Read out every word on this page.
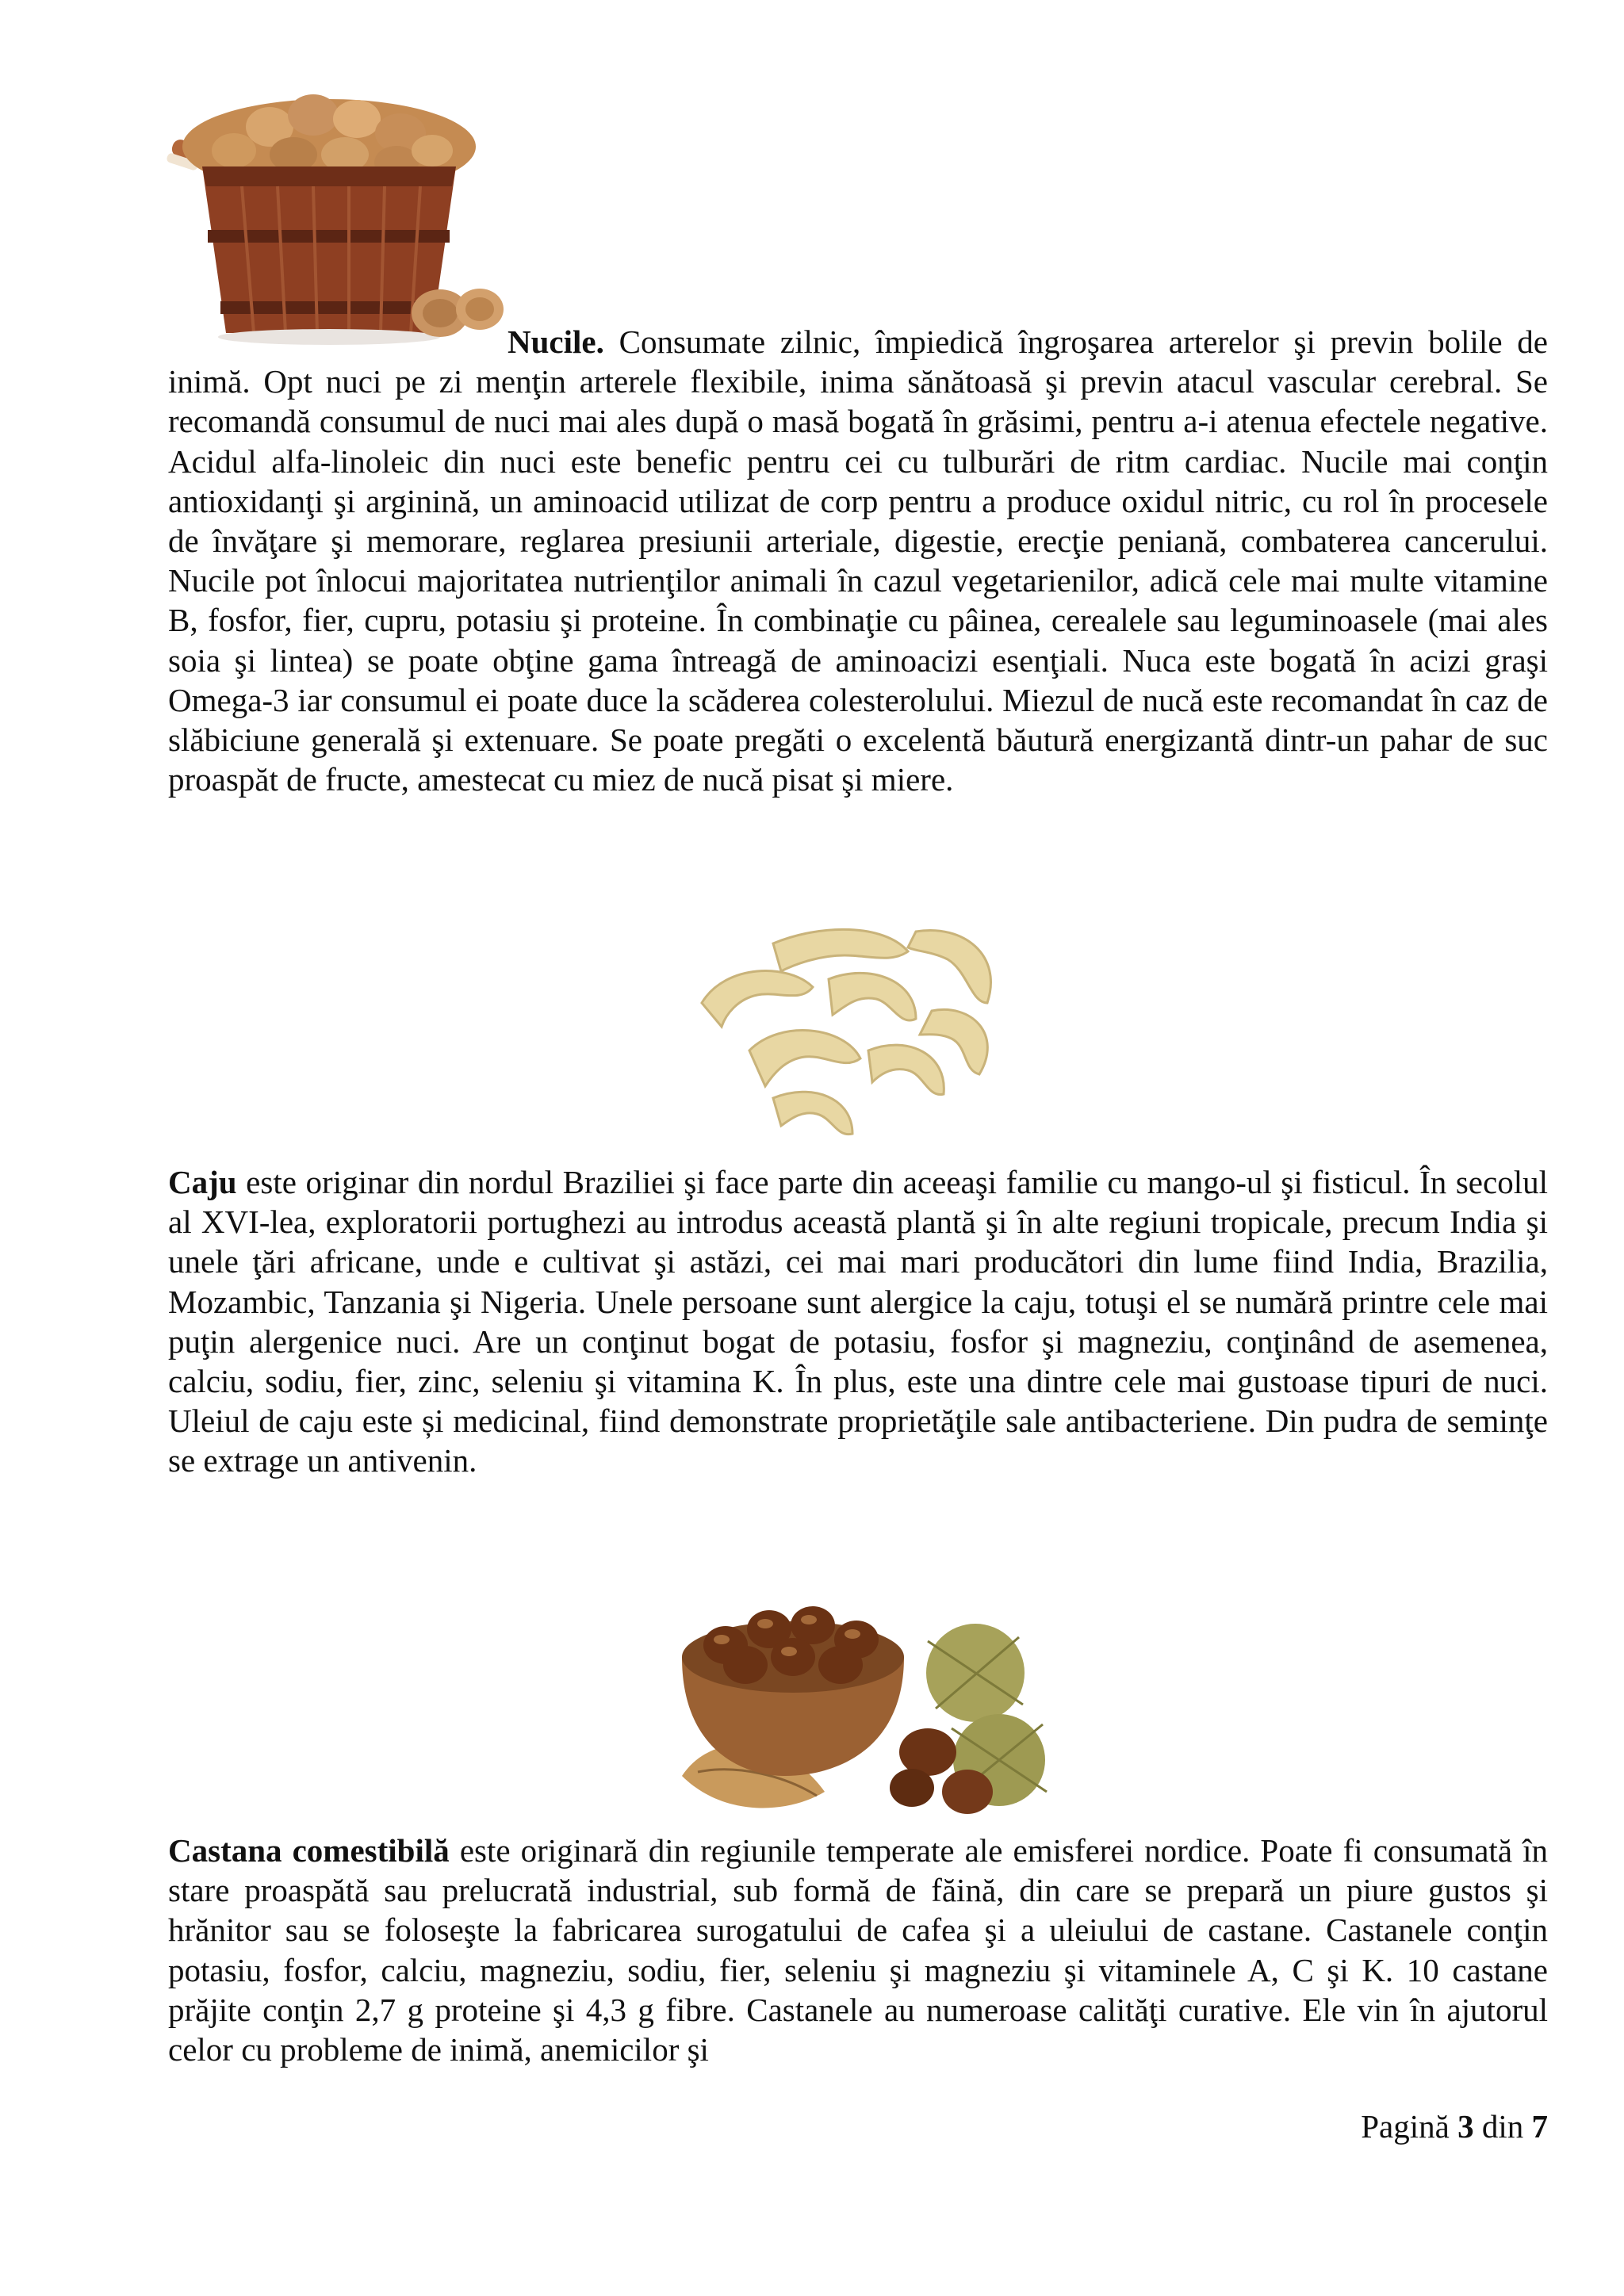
Nucile. Consumate zilnic, împiedică îngroşarea arterelor şi previn bolile de inimă. Opt nuci pe zi menţin arterele flexibile, inima sănătoasă şi previn atacul vascular cerebral. Se recomandă consumul de nuci mai ales după o masă bogată în grăsimi, pentru a-i atenua efectele negative. Acidul alfa-linoleic din nuci este benefic pentru cei cu tulburări de ritm cardiac. Nucile mai conţin antioxidanţi şi arginină, un aminoacid utilizat de corp pentru a produce oxidul nitric, cu rol în procesele de învăţare şi memorare, reglarea presiunii arteriale, digestie, erecţie peniană, combaterea cancerului. Nucile pot înlocui majoritatea nutrienţilor animali în cazul vegetarienilor, adică cele mai multe vitamine B, fosfor, fier, cupru, potasiu şi proteine. În combinaţie cu pâinea, cerealele sau leguminoasele (mai ales soia şi lintea) se poate obţine gama întreagă de aminoacizi esenţiali. Nuca este bogată în acizi graşi Omega-3 iar consumul ei poate duce la scăderea colesterolului. Miezul de nucă este recomandat în caz de slăbiciune generală şi extenuare. Se poate pregăti o excelentă băutură energizantă dintr-un pahar de suc proaspăt de fructe, amestecat cu miez de nucă pisat şi miere.

Caju este originar din nordul Braziliei şi face parte din aceeaşi familie cu mango-ul şi fisticul. În secolul al XVI-lea, exploratorii portughezi au introdus această plantă şi în alte regiuni tropicale, precum India şi unele ţări africane, unde e cultivat şi astăzi, cei mai mari producători din lume fiind India, Brazilia, Mozambic, Tanzania şi Nigeria. Unele persoane sunt alergice la caju, totuşi el se numără printre cele mai puţin alergenice nuci. Are un conţinut bogat de potasiu, fosfor şi magneziu, conţinând de asemenea, calciu, sodiu, fier, zinc, seleniu şi vitamina K. În plus, este una dintre cele mai gustoase tipuri de nuci. Uleiul de caju este și medicinal, fiind demonstrate proprietăţile sale antibacteriene. Din pudra de seminţe se extrage un antivenin.

Castana comestibilă este originară din regiunile temperate ale emisferei nordice. Poate fi consumată în stare proaspătă sau prelucrată industrial, sub formă de făină, din care se prepară un piure gustos şi hrănitor sau se foloseşte la fabricarea surogatului de cafea şi a uleiului de castane. Castanele conţin potasiu, fosfor, calciu, magneziu, sodiu, fier, seleniu şi magneziu şi vitaminele A, C şi K. 10 castane prăjite conţin 2,7 g proteine şi 4,3 g fibre. Castanele au numeroase calităţi curative. Ele vin în ajutorul celor cu probleme de inimă, anemicilor şi

Pagină 3 din 7
